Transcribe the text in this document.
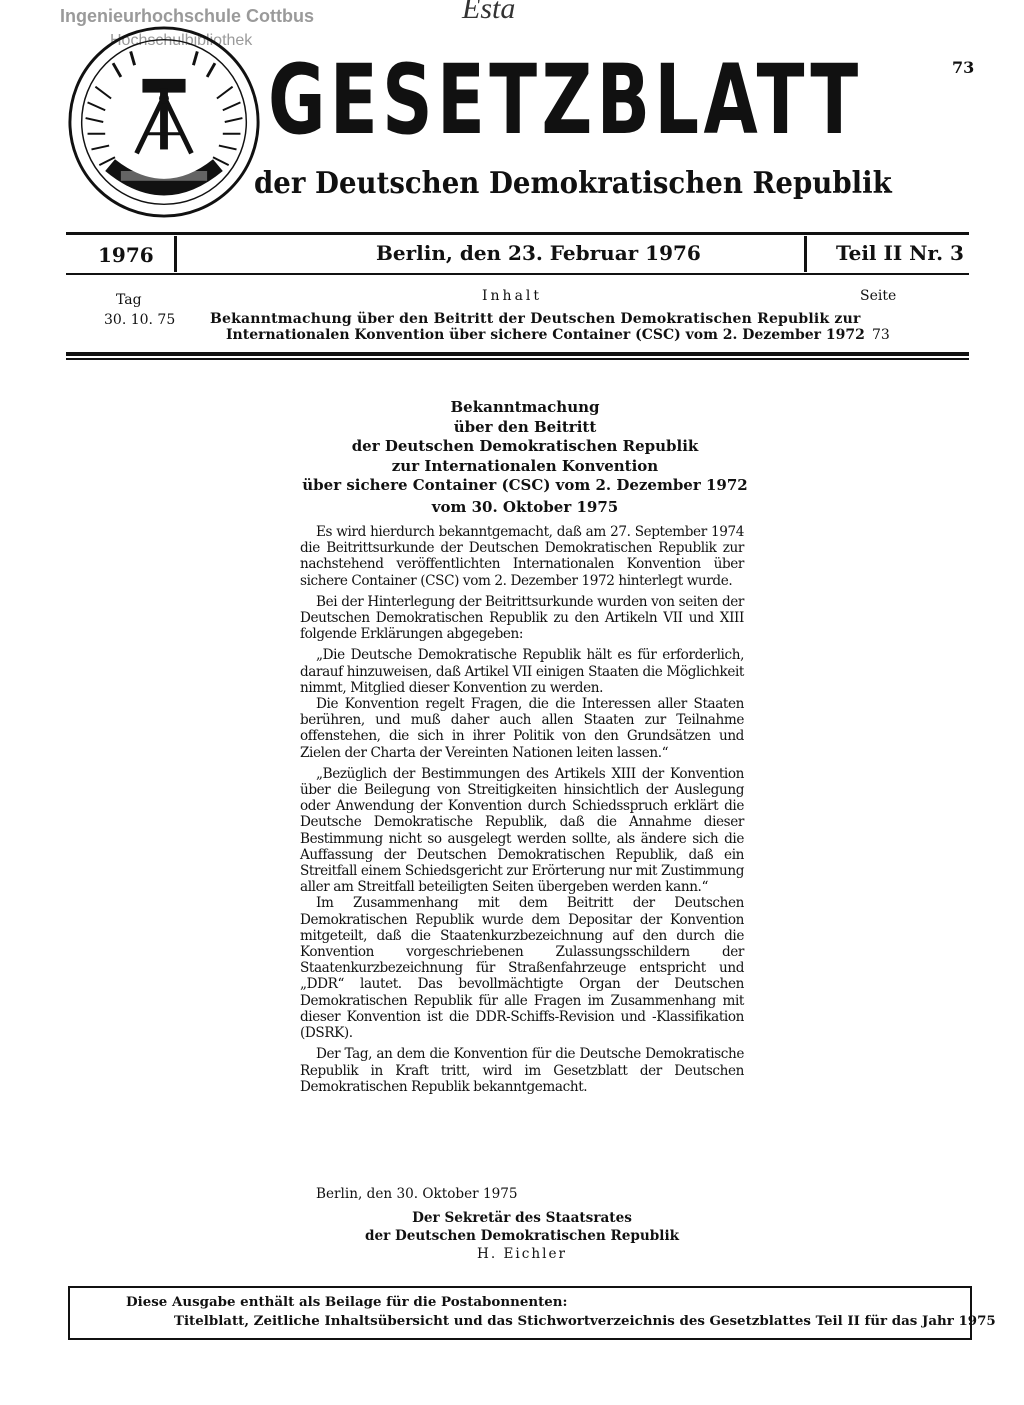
Ingenieurhochschule Cottbus
Hochschulbibliothek
Esta
GESETZBLATT
der Deutschen Demokratischen Republik
73
1976	Berlin, den 23. Februar 1976	Teil II Nr. 3
Tag	Inhalt	Seite
30. 10. 75 Bekanntmachung über den Beitritt der Deutschen Demokratischen Republik zur
Internationalen Konvention über sichere Container (CSC) vom 2. Dezember 1972 73
Bekanntmachung
über den Beitritt
der Deutschen Demokratischen Republik
zur Internationalen Konvention
über sichere Container (CSC) vom 2. Dezember 1972
vom 30. Oktober 1975

Es wird hierdurch bekanntgemacht, daß am 27. September 1974 die Beitrittsurkunde der Deutschen Demokratischen Republik zur nachstehend veröffentlichten Internationalen Konvention über sichere Container (CSC) vom 2. Dezember 1972 hinterlegt wurde.

Bei der Hinterlegung der Beitrittsurkunde wurden von seiten der Deutschen Demokratischen Republik zu den Artikeln VII und XIII folgende Erklärungen abgegeben:

„Die Deutsche Demokratische Republik hält es für erforderlich, darauf hinzuweisen, daß Artikel VII einigen Staaten die Möglichkeit nimmt, Mitglied dieser Konvention zu werden.

Die Konvention regelt Fragen, die die Interessen aller Staaten berühren, und muß daher auch allen Staaten zur Teilnahme offenstehen, die sich in ihrer Politik von den Grundsätzen und Zielen der Charta der Vereinten Nationen leiten lassen.“

„Bezüglich der Bestimmungen des Artikels XIII der Konvention über die Beilegung von Streitigkeiten hinsichtlich der Auslegung oder Anwendung der Konvention durch Schiedsspruch erklärt die Deutsche Demokratische Republik, daß die Annahme dieser Bestimmung nicht so ausgelegt werden sollte, als ändere sich die Auffassung der Deutschen Demokratischen Republik, daß ein Streitfall einem Schiedsgericht zur Erörterung nur mit Zustimmung aller am Streitfall beteiligten Seiten übergeben werden kann.“

Im Zusammenhang mit dem Beitritt der Deutschen Demokratischen Republik wurde dem Depositar der Konvention mitgeteilt, daß die Staatenkurzbezeichnung auf den durch die Konvention vorgeschriebenen Zulassungsschildern der Staatenkurzbezeichnung für Straßenfahrzeuge entspricht und „DDR“ lautet. Das bevollmächtigte Organ der Deutschen Demokratischen Republik für alle Fragen im Zusammenhang mit dieser Konvention ist die DDR-Schiffs-Revision und -Klassifikation (DSRK).

Der Tag, an dem die Konvention für die Deutsche Demokratische Republik in Kraft tritt, wird im Gesetzblatt der Deutschen Demokratischen Republik bekanntgemacht.

Berlin, den 30. Oktober 1975
Der Sekretär des Staatsrates
der Deutschen Demokratischen Republik
H. Eichler
Diese Ausgabe enthält als Beilage für die Postabonnenten:
Titelblatt, Zeitliche Inhaltsübersicht und das Stichwortverzeichnis des Gesetzblattes Teil II für das Jahr 1975
